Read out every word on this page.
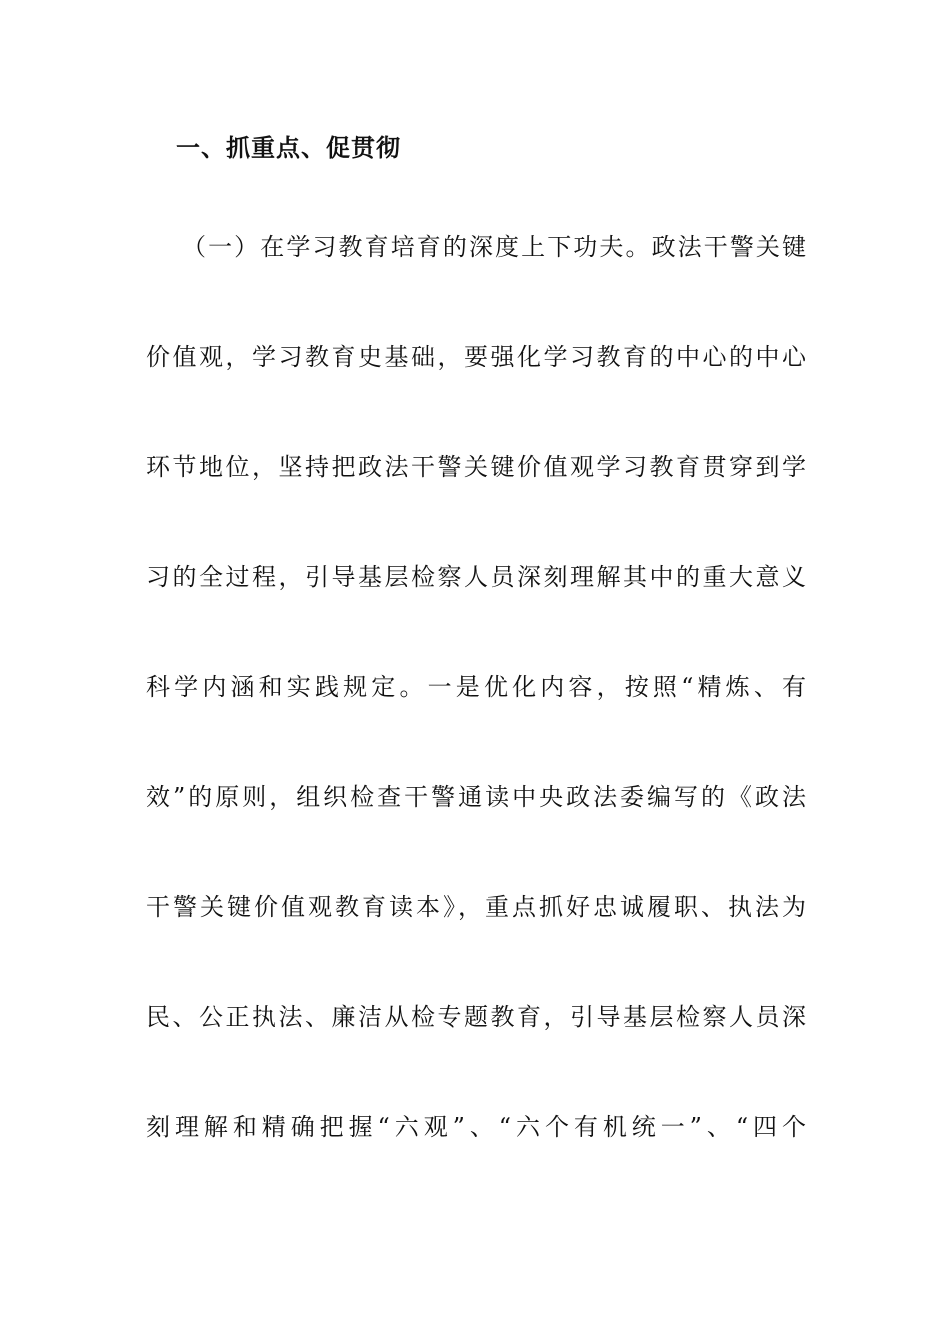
一、抓重点、促贯彻
（一）在学习教育培育的深度上下功夫。政法干警关键
价值观，学习教育史基础，要强化学习教育的中心的中心
环节地位，坚持把政法干警关键价值观学习教育贯穿到学
习的全过程，引导基层检察人员深刻理解其中的重大意义
科学内涵和实践规定。一是优化内容，按照“精炼、有
效”的原则，组织检查干警通读中央政法委编写的《政法
干警关键价值观教育读本》，重点抓好忠诚履职、执法为
民、公正执法、廉洁从检专题教育，引导基层检察人员深
刻理解和精确把握“六观”、“六个有机统一”、“四个
